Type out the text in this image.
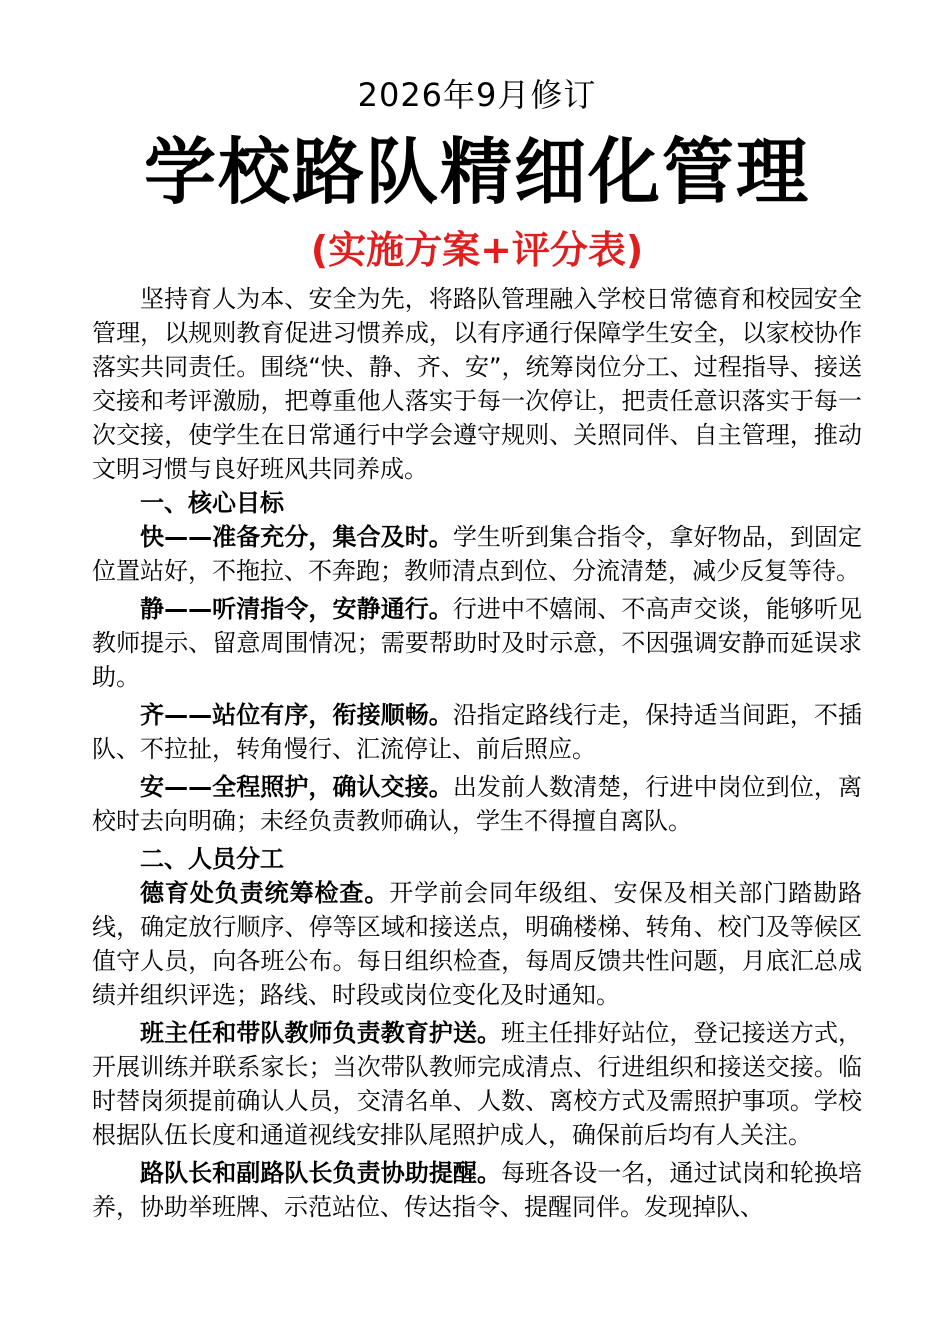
2026年9月修订

学校路队精细化管理

(实施方案+评分表)

坚持育人为本、安全为先，将路队管理融入学校日常德育和校园安全管理，以规则教育促进习惯养成，以有序通行保障学生安全，以家校协作落实共同责任。围绕“快、静、齐、安”，统筹岗位分工、过程指导、接送交接和考评激励，把尊重他人落实于每一次停让，把责任意识落实于每一次交接，使学生在日常通行中学会遵守规则、关照同伴、自主管理，推动文明习惯与良好班风共同养成。

一、核心目标

快——准备充分，集合及时。学生听到集合指令，拿好物品，到固定位置站好，不拖拉、不奔跑；教师清点到位、分流清楚，减少反复等待。

静——听清指令，安静通行。行进中不嬉闹、不高声交谈，能够听见教师提示、留意周围情况；需要帮助时及时示意，不因强调安静而延误求助。

齐——站位有序，衔接顺畅。沿指定路线行走，保持适当间距，不插队、不拉扯，转角慢行、汇流停让、前后照应。

安——全程照护，确认交接。出发前人数清楚，行进中岗位到位，离校时去向明确；未经负责教师确认，学生不得擅自离队。

二、人员分工

德育处负责统筹检查。开学前会同年级组、安保及相关部门踏勘路线，确定放行顺序、停等区域和接送点，明确楼梯、转角、校门及等候区值守人员，向各班公布。每日组织检查，每周反馈共性问题，月底汇总成绩并组织评选；路线、时段或岗位变化及时通知。

班主任和带队教师负责教育护送。班主任排好站位，登记接送方式，开展训练并联系家长；当次带队教师完成清点、行进组织和接送交接。临时替岗须提前确认人员，交清名单、人数、离校方式及需照护事项。学校根据队伍长度和通道视线安排队尾照护成人，确保前后均有人关注。

路队长和副路队长负责协助提醒。每班各设一名，通过试岗和轮换培养，协助举班牌、示范站位、传达指令、提醒同伴。发现掉队、
